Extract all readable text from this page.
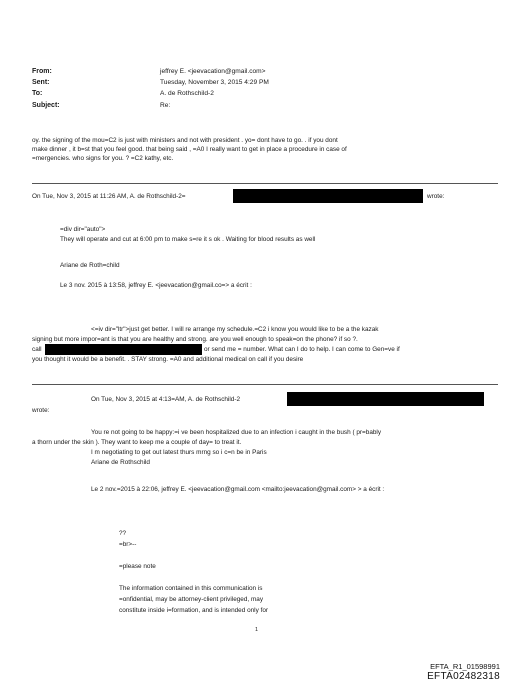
From:	jeffrey E. <jeevacation@gmail.com>
Sent:	Tuesday, November 3, 2015 4:29 PM
To:	A. de Rothschild-2
Subject:	Re:
oy. the signing of the mou=C2 is just with ministers and not with president . yo= dont have to go. . if you dont
make dinner , it b=st that you feel good. that being said , =A0 I really want to get in place a procedure in case of
=mergencies. who signs for you. ? =C2 kathy, etc.
On Tue, Nov 3, 2015 at 11:26 AM, A. de Rothschild-2=	wrote:
=div dir="auto">
They will operate and cut at 6:00 pm to make s=re it s ok . Waiting for blood results as well
Ariane de Roth=child
Le 3 nov. 2015 à 13:58, jeffrey E. <jeevacation@gmail.co=> a écrit :
<=iv dir="ltr">just get better. I will re arrange my schedule.=C2 i know you would like to be a the kazak
signing but more impor=ant is that you are healthy and strong. are you well enough to speak=on the phone? if so ?.
call	or send me = number. What can I do to help. I can come to Gen=ve if
you thought it would be a benefit. . STAY strong. =A0 and additional medical on call if you desire
On Tue, Nov 3, 2015 at 4:13=AM, A. de Rothschild-2
wrote:
You re not going to be happy:=i ve been hospitalized due to an infection i caught in the bush ( pr=bably
a thorn under the skin ). They want to keep me a couple of day= to treat it.
I m negotiating to get out latest thurs mrng so i c=n be in Paris
Ariane de Rothschild
Le 2 nov.=2015 à 22:06, jeffrey E. <jeevacation@gmail.com <mailto:jeevacation@gmail.com> > a écrit :
??
=br>--
=please note
The information contained in this communication is
=onfidential, may be attorney-client privileged, may
constitute inside i=formation, and is intended only for
1
EFTA_R1_01598991
EFTA02482318
